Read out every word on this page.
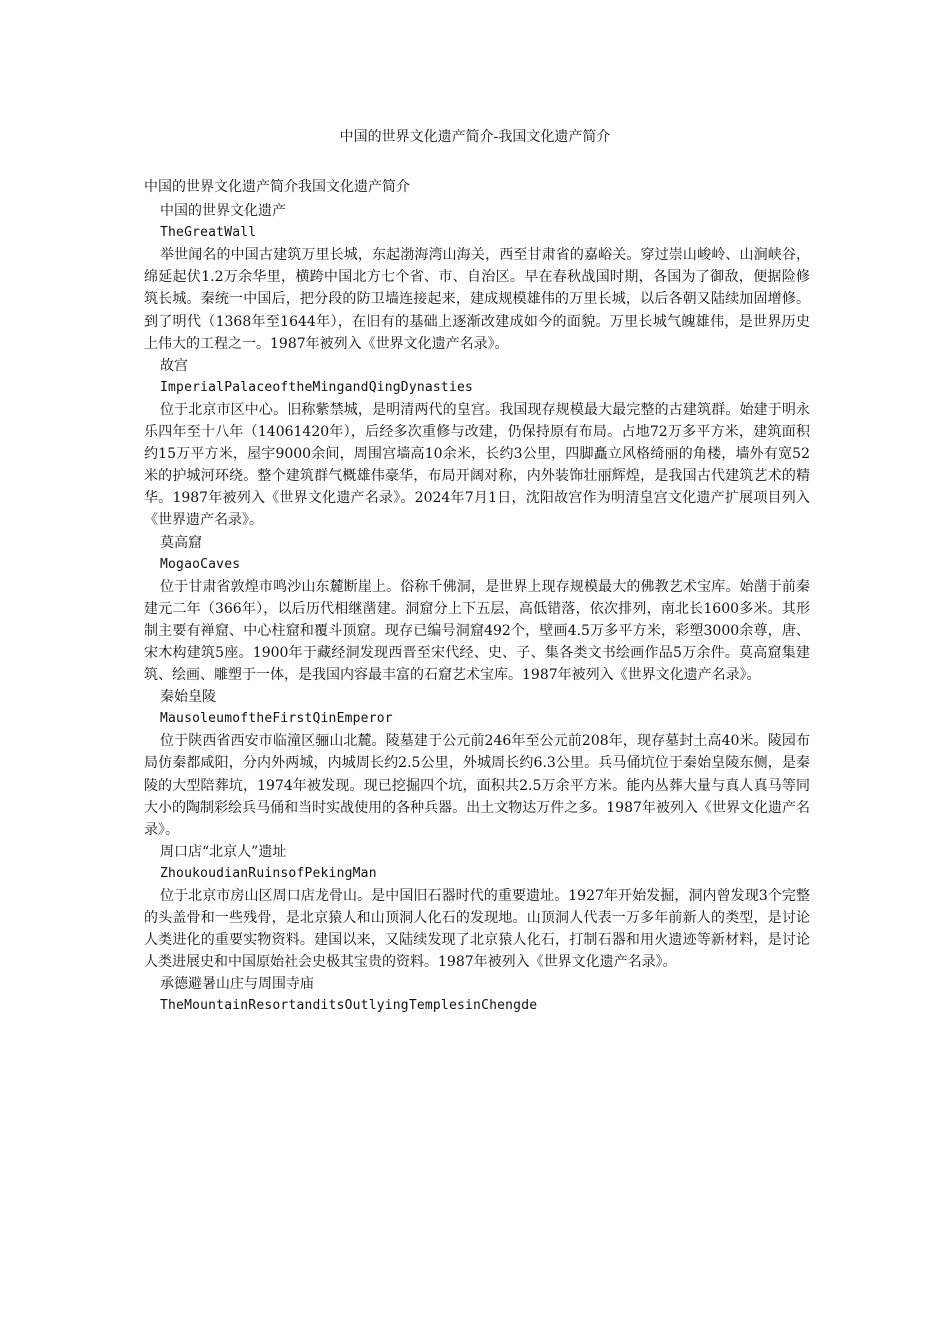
中国的世界文化遗产简介-我国文化遗产简介

中国的世界文化遗产简介我国文化遗产简介

中国的世界文化遗产

TheGreatWall

举世闻名的中国古建筑万里长城，东起渤海湾山海关，西至甘肃省的嘉峪关。穿过崇山峻岭、山涧峡谷，绵延起伏1.2万余华里，横跨中国北方七个省、市、自治区。早在春秋战国时期，各国为了御敌，便据险修筑长城。秦统一中国后，把分段的防卫墙连接起来，建成规模雄伟的万里长城，以后各朝又陆续加固增修。到了明代（1368年至1644年），在旧有的基础上逐渐改建成如今的面貌。万里长城气魄雄伟，是世界历史上伟大的工程之一。1987年被列入《世界文化遗产名录》。

故宫

ImperialPalaceoftheMingandQingDynasties

位于北京市区中心。旧称紫禁城，是明清两代的皇宫。我国现存规模最大最完整的古建筑群。始建于明永乐四年至十八年（14061420年），后经多次重修与改建，仍保持原有布局。占地72万多平方米，建筑面积约15万平方米，屋宇9000余间，周围宫墙高10余米，长约3公里，四脚矗立风格绮丽的角楼，墙外有宽52米的护城河环绕。整个建筑群气概雄伟豪华，布局开阔对称，内外装饰壮丽辉煌，是我国古代建筑艺术的精华。1987年被列入《世界文化遗产名录》。2024年7月1日，沈阳故宫作为明清皇宫文化遗产扩展项目列入《世界遗产名录》。

莫高窟

MogaoCaves

位于甘肃省敦煌市鸣沙山东麓断崖上。俗称千佛洞，是世界上现存规模最大的佛教艺术宝库。始凿于前秦建元二年（366年），以后历代相继凿建。洞窟分上下五层，高低错落，依次排列，南北长1600多米。其形制主要有禅窟、中心柱窟和覆斗顶窟。现存已编号洞窟492个，壁画4.5万多平方米，彩塑3000余尊，唐、宋木构建筑5座。1900年于藏经洞发现西晋至宋代经、史、子、集各类文书绘画作品5万余件。莫高窟集建筑、绘画、雕塑于一体，是我国内容最丰富的石窟艺术宝库。1987年被列入《世界文化遗产名录》。

秦始皇陵

MausoleumoftheFirstQinEmperor

位于陕西省西安市临潼区骊山北麓。陵墓建于公元前246年至公元前208年，现存墓封土高40米。陵园布局仿秦都咸阳，分内外两城，内城周长约2.5公里，外城周长约6.3公里。兵马俑坑位于秦始皇陵东侧，是秦陵的大型陪葬坑，1974年被发现。现已挖掘四个坑，面积共2.5万余平方米。能内丛葬大量与真人真马等同大小的陶制彩绘兵马俑和当时实战使用的各种兵器。出土文物达万件之多。1987年被列入《世界文化遗产名录》。

周口店“北京人”遗址

ZhoukoudianRuinsofPekingMan

位于北京市房山区周口店龙骨山。是中国旧石器时代的重要遗址。1927年开始发掘，洞内曾发现3个完整的头盖骨和一些残骨，是北京猿人和山顶洞人化石的发现地。山顶洞人代表一万多年前新人的类型，是讨论人类进化的重要实物资料。建国以来，又陆续发现了北京猿人化石，打制石器和用火遗迹等新材料，是讨论人类进展史和中国原始社会史极其宝贵的资料。1987年被列入《世界文化遗产名录》。

承德避暑山庄与周围寺庙

TheMountainResortanditsOutlyingTemplesinChengde
